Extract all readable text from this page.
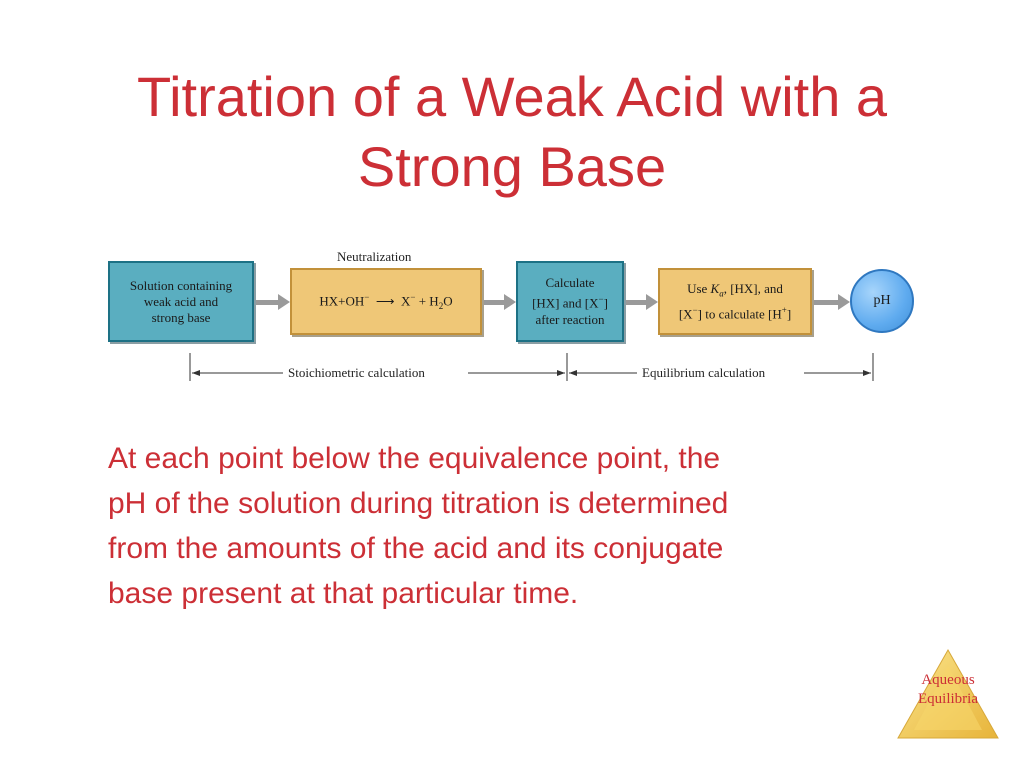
Titration of a Weak Acid with a
Strong Base
Neutralization
Solution containing
weak acid and
strong base
HX+OH−  ⟶  $X^- + H_2O$
Calculate
[HX] and [X−]
after reaction
Use $K_a$, [HX], and
[X−] to calculate [H+]
pH
Stoichiometric calculation	Equilibrium calculation
At each point below the equivalence point, the
pH of the solution during titration is determined
from the amounts of the acid and its conjugate
base present at that particular time.
Aqueous
Equilibria
